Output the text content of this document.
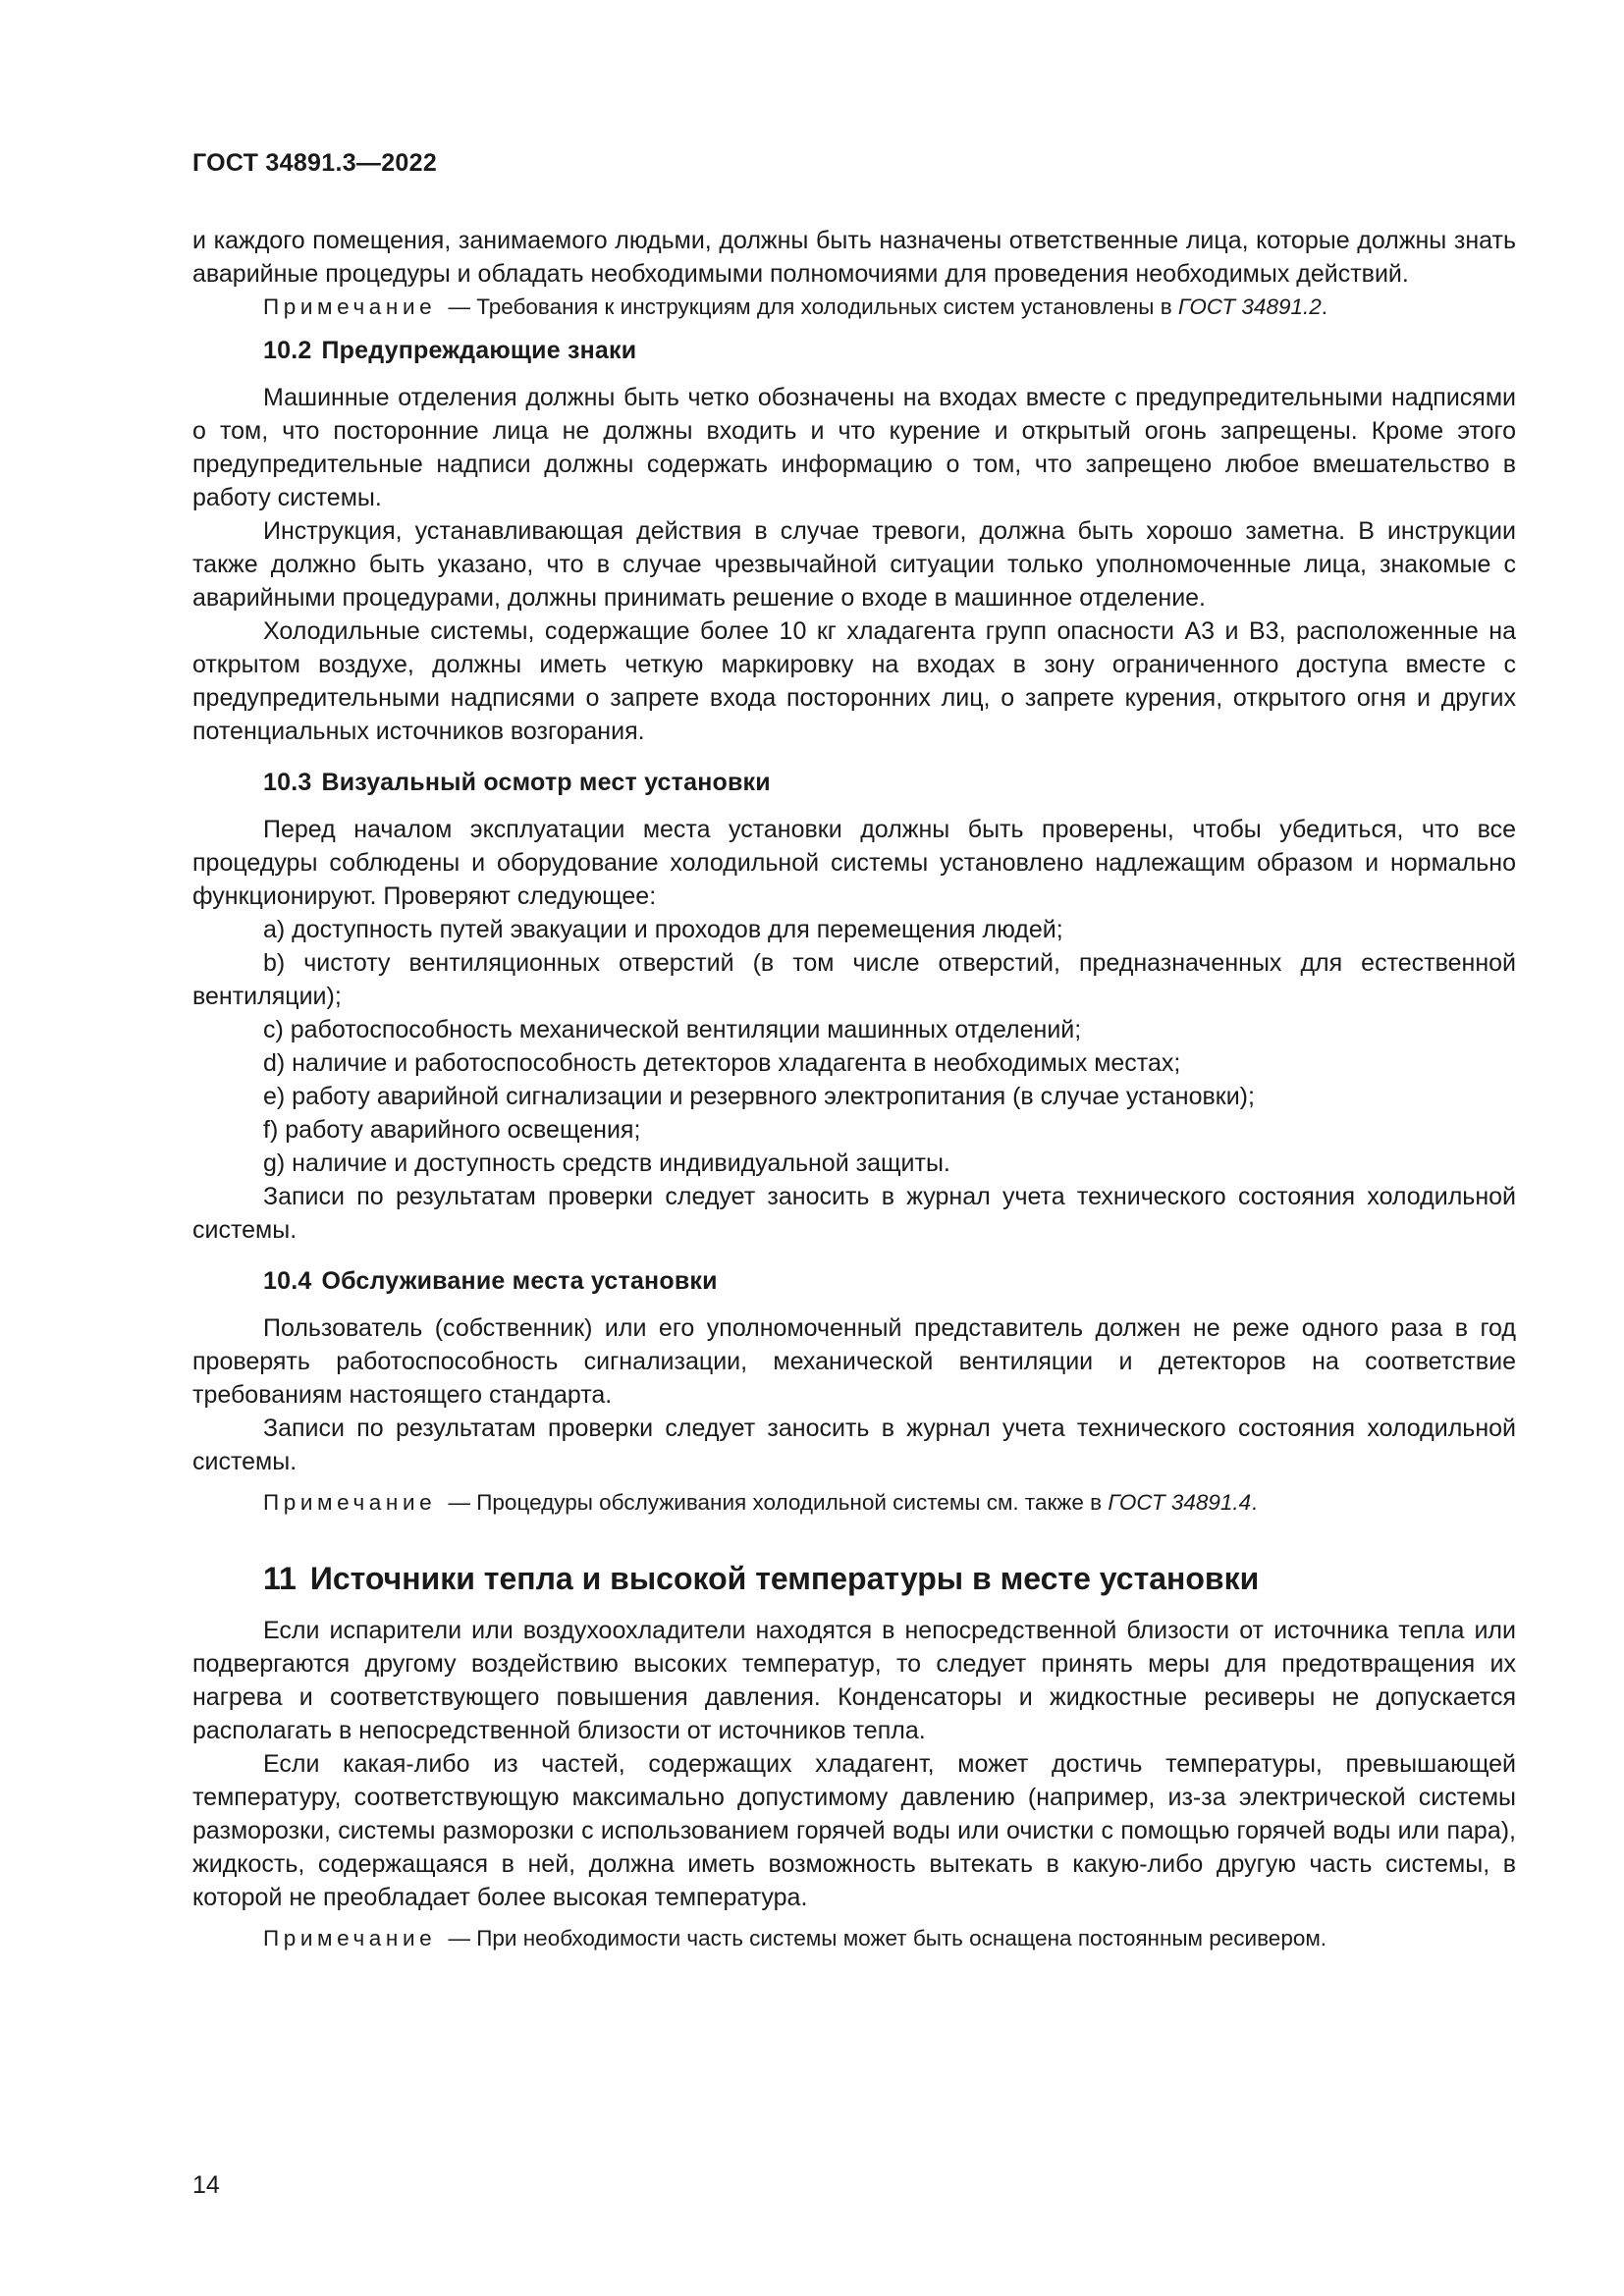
ГОСТ 34891.3—2022

и каждого помещения, занимаемого людьми, должны быть назначены ответственные лица, которые должны знать аварийные процедуры и обладать необходимыми полномочиями для проведения необходимых действий.

Примечание — Требования к инструкциям для холодильных систем установлены в ГОСТ 34891.2.

10.2 Предупреждающие знаки

Машинные отделения должны быть четко обозначены на входах вместе с предупредительными надписями о том, что посторонние лица не должны входить и что курение и открытый огонь запрещены. Кроме этого предупредительные надписи должны содержать информацию о том, что запрещено любое вмешательство в работу системы.

Инструкция, устанавливающая действия в случае тревоги, должна быть хорошо заметна. В инструкции также должно быть указано, что в случае чрезвычайной ситуации только уполномоченные лица, знакомые с аварийными процедурами, должны принимать решение о входе в машинное отделение.

Холодильные системы, содержащие более 10 кг хладагента групп опасности А3 и В3, расположенные на открытом воздухе, должны иметь четкую маркировку на входах в зону ограниченного доступа вместе с предупредительными надписями о запрете входа посторонних лиц, о запрете курения, открытого огня и других потенциальных источников возгорания.

10.3 Визуальный осмотр мест установки

Перед началом эксплуатации места установки должны быть проверены, чтобы убедиться, что все процедуры соблюдены и оборудование холодильной системы установлено надлежащим образом и нормально функционируют. Проверяют следующее:

a) доступность путей эвакуации и проходов для перемещения людей;

b) чистоту вентиляционных отверстий (в том числе отверстий, предназначенных для естественной вентиляции);

c) работоспособность механической вентиляции машинных отделений;

d) наличие и работоспособность детекторов хладагента в необходимых местах;

e) работу аварийной сигнализации и резервного электропитания (в случае установки);

f) работу аварийного освещения;

g) наличие и доступность средств индивидуальной защиты.

Записи по результатам проверки следует заносить в журнал учета технического состояния холодильной системы.

10.4 Обслуживание места установки

Пользователь (собственник) или его уполномоченный представитель должен не реже одного раза в год проверять работоспособность сигнализации, механической вентиляции и детекторов на соответствие требованиям настоящего стандарта.

Записи по результатам проверки следует заносить в журнал учета технического состояния холодильной системы.

Примечание — Процедуры обслуживания холодильной системы см. также в ГОСТ 34891.4.

11 Источники тепла и высокой температуры в месте установки

Если испарители или воздухоохладители находятся в непосредственной близости от источника тепла или подвергаются другому воздействию высоких температур, то следует принять меры для предотвращения их нагрева и соответствующего повышения давления. Конденсаторы и жидкостные ресиверы не допускается располагать в непосредственной близости от источников тепла.

Если какая-либо из частей, содержащих хладагент, может достичь температуры, превышающей температуру, соответствующую максимально допустимому давлению (например, из-за электрической системы разморозки, системы разморозки с использованием горячей воды или очистки с помощью горячей воды или пара), жидкость, содержащаяся в ней, должна иметь возможность вытекать в какую-либо другую часть системы, в которой не преобладает более высокая температура.

Примечание — При необходимости часть системы может быть оснащена постоянным ресивером.

14
